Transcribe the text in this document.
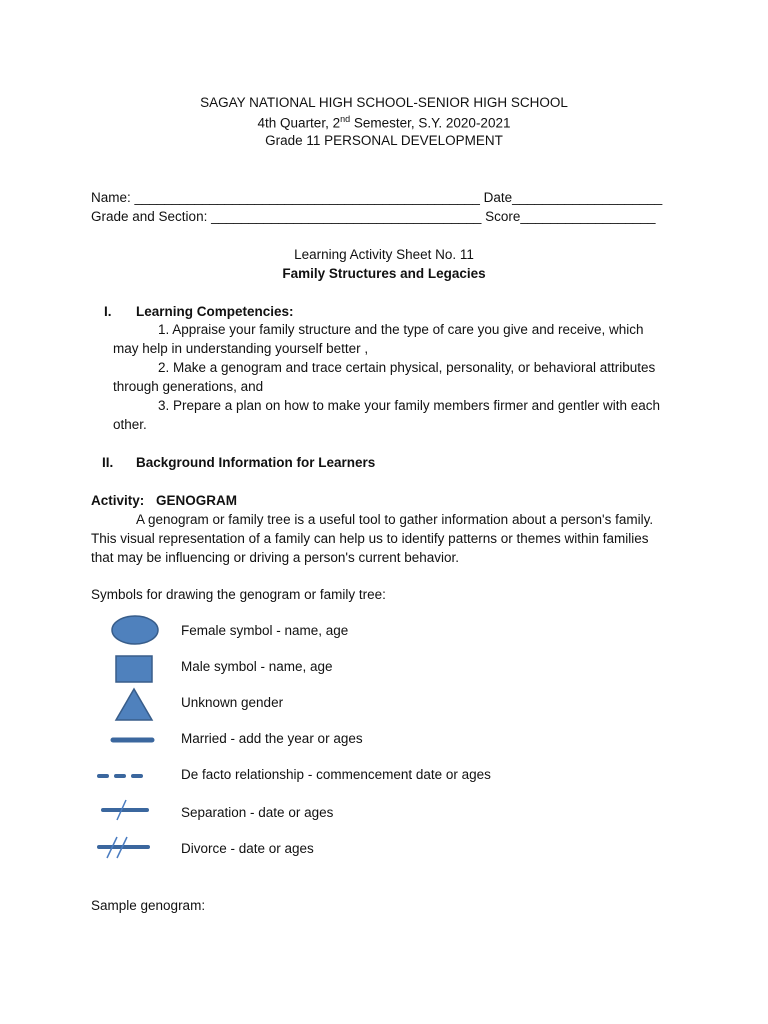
SAGAY NATIONAL HIGH SCHOOL-SENIOR HIGH SCHOOL
4th Quarter, 2nd Semester, S.Y. 2020-2021
Grade 11 PERSONAL DEVELOPMENT
Name: ______________________________________________ Date____________________
Grade and Section: ____________________________________ Score__________________
Learning Activity Sheet No. 11
Family Structures and Legacies
I. Learning Competencies:
1. Appraise your family structure and the type of care you give and receive, which
may help in understanding yourself better ,
2. Make a genogram and trace certain physical, personality, or behavioral attributes
through generations, and
3. Prepare a plan on how to make your family members firmer and gentler with each
other.
II. Background Information for Learners
Activity: GENOGRAM
A genogram or family tree is a useful tool to gather information about a person's family.
This visual representation of a family can help us to identify patterns or themes within families
that may be influencing or driving a person's current behavior.
Symbols for drawing the genogram or family tree:
Female symbol - name, age
Male symbol - name, age
Unknown gender
Married - add the year or ages
De facto relationship - commencement date or ages
Separation - date or ages
Divorce - date or ages
Sample genogram:
